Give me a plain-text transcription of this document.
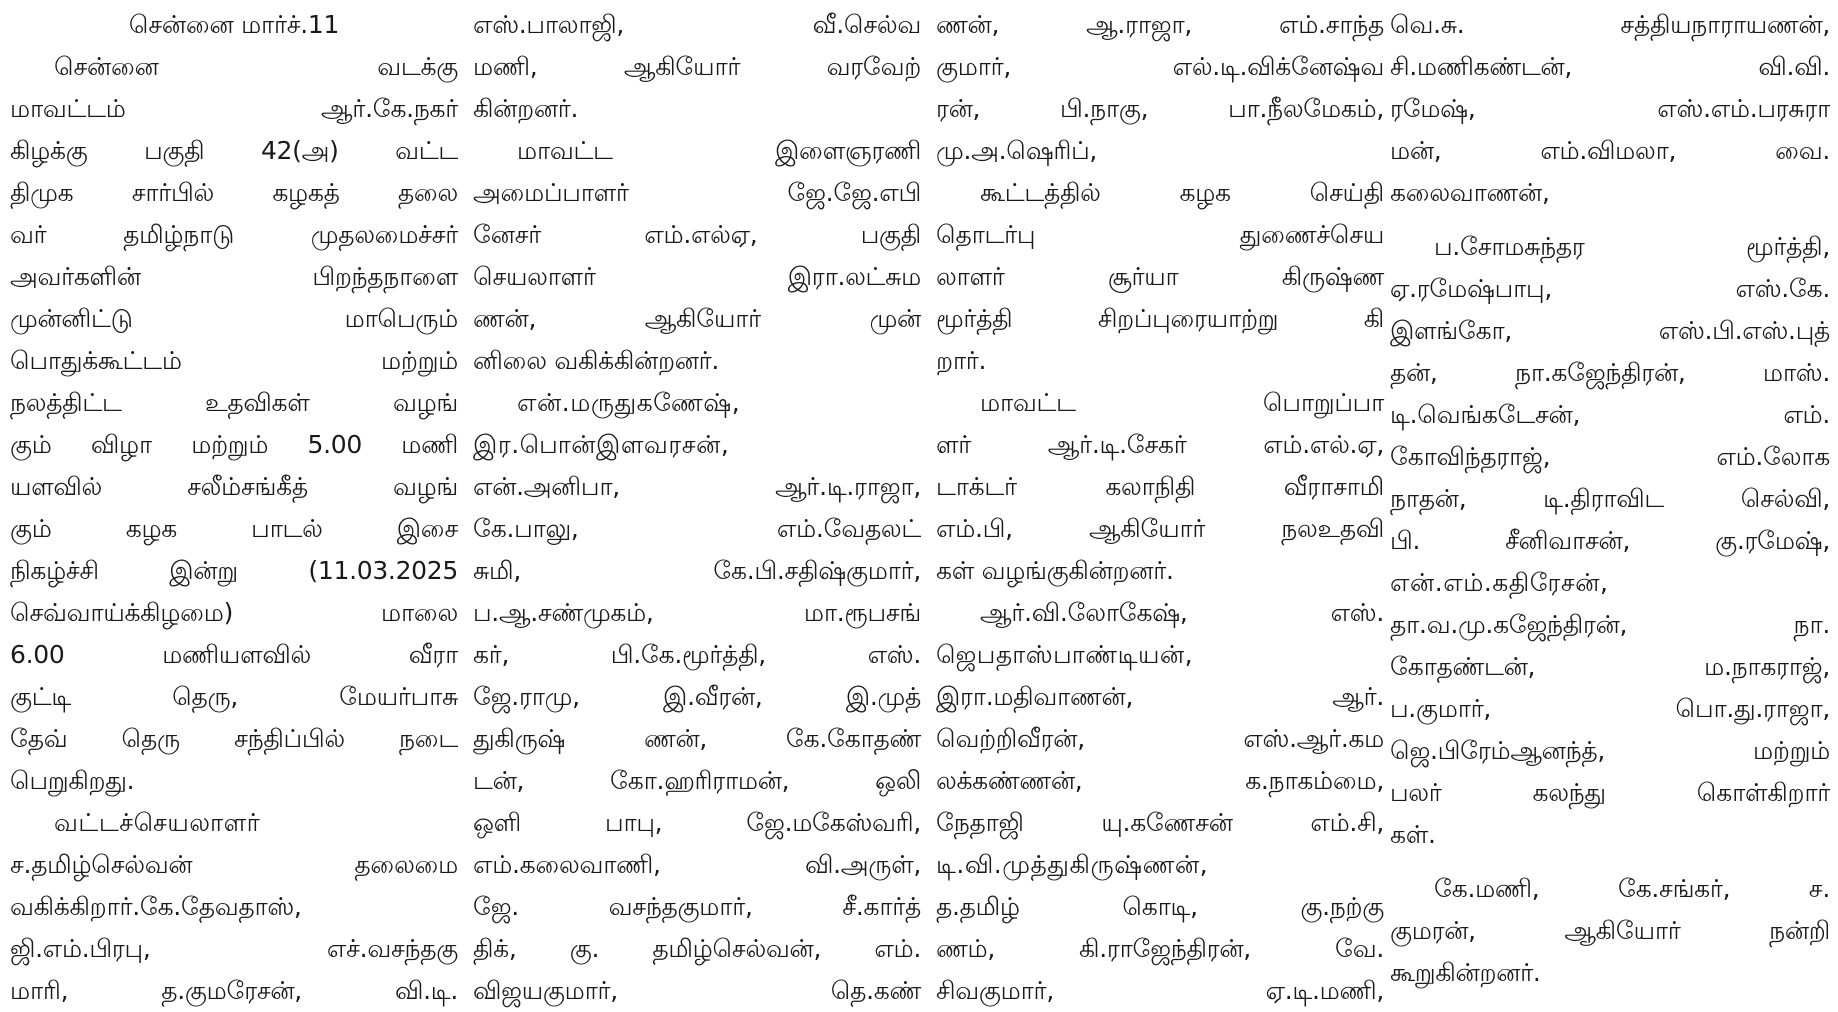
சென்னை மார்ச்.11
சென்னை வடக்கு
மாவட்டம் ஆர்.கே.நகர்
கிழக்கு பகுதி 42(அ) வட்ட
திமுக சார்பில் கழகத் தலை
வர் தமிழ்நாடு முதலமைச்சர்
அவர்களின் பிறந்தநாளை
முன்னிட்டு மாபெரும்
பொதுக்கூட்டம் மற்றும்
நலத்திட்ட உதவிகள் வழங்
கும் விழா மற்றும் 5.00 மணி
யளவில் சலீம்சங்கீத் வழங்
கும் கழக பாடல் இசை
நிகழ்ச்சி இன்று (11.03.2025
செவ்வாய்க்கிழமை) மாலை
6.00 மணியளவில் வீரா
குட்டி தெரு, மேயர்பாசு
தேவ் தெரு சந்திப்பில் நடை
பெறுகிறது.
வட்டச்செயலாளர்
ச.தமிழ்செல்வன் தலைமை
வகிக்கிறார்.கே.தேவதாஸ்,
ஜி.எம்.பிரபு, எச்.வசந்தகு
மாரி, த.குமரேசன், வி.டி.
எஸ்.பாலாஜி, வீ.செல்வ
மணி, ஆகியோர் வரவேற்
கின்றனர்.
மாவட்ட இளைஞரணி
அமைப்பாளர் ஜே.ஜே.எபி
னேசர் எம்.எல்ஏ, பகுதி
செயலாளர் இரா.லட்சும
ணன், ஆகியோர் முன்
னிலை வகிக்கின்றனர்.
என்.மருதுகணேஷ்,
இர.பொன்இளவரசன்,
என்.அனிபா, ஆர்.டி.ராஜா,
கே.பாலு, எம்.வேதலட்
சுமி, கே.பி.சதிஷ்குமார்,
ப.ஆ.சண்முகம், மா.ரூபசங்
கர், பி.கே.மூர்த்தி, எஸ்.
ஜே.ராமு, இ.வீரன், இ.முத்
துகிருஷ் ணன், கே.கோதண்
டன், கோ.ஹரிராமன், ஒலி
ஒளி பாபு, ஜே.மகேஸ்வரி,
எம்.கலைவாணி, வி.அருள்,
ஜே. வசந்தகுமார், சீ.கார்த்
திக், கு. தமிழ்செல்வன், எம்.
விஜயகுமார், தெ.கண்
ணன், ஆ.ராஜா, எம்.சாந்த
குமார், எல்.டி.விக்னேஷ்வ
ரன், பி.நாகு, பா.நீலமேகம்,
மு.அ.ஷெரிப்,
கூட்டத்தில் கழக செய்தி
தொடர்பு துணைச்செய
லாளர் சூர்யா கிருஷ்ண
மூர்த்தி சிறப்புரையாற்று கி
றார்.
மாவட்ட பொறுப்பா
ளர் ஆர்.டி.சேகர் எம்.எல்.ஏ,
டாக்டர் கலாநிதி வீராசாமி
எம்.பி, ஆகியோர் நலஉதவி
கள் வழங்குகின்றனர்.
ஆர்.வி.லோகேஷ், எஸ்.
ஜெபதாஸ்பாண்டியன்,
இரா.மதிவாணன், ஆர்.
வெற்றிவீரன், எஸ்.ஆர்.கம
லக்கண்ணன், க.நாகம்மை,
நேதாஜி யு.கணேசன் எம்.சி,
டி.வி.முத்துகிருஷ்ணன்,
த.தமிழ் கொடி, கு.நற்கு
ணம், கி.ராஜேந்திரன், வே.
சிவகுமார், ஏ.டி.மணி,
வெ.சு. சத்தியநாராயணன்,
சி.மணிகண்டன், வி.வி.
ரமேஷ், எஸ்.எம்.பரசுரா
மன், எம்.விமலா, வை.
கலைவாணன்,
ப.சோமசுந்தர மூர்த்தி,
ஏ.ரமேஷ்பாபு, எஸ்.கே.
இளங்கோ, எஸ்.பி.எஸ்.புத்
தன், நா.கஜேந்திரன், மாஸ்.
டி.வெங்கடேசன், எம்.
கோவிந்தராஜ், எம்.லோக
நாதன், டி.திராவிட செல்வி,
பி. சீனிவாசன், கு.ரமேஷ்,
என்.எம்.கதிரேசன்,
தா.வ.மு.கஜேந்திரன், நா.
கோதண்டன், ம.நாகராஜ்,
ப.குமார், பொ.து.ராஜா,
ஜெ.பிரேம்ஆனந்த், மற்றும்
பலர் கலந்து கொள்கிறார்
கள்.
கே.மணி, கே.சங்கர், ச.
குமரன், ஆகியோர் நன்றி
கூறுகின்றனர்.
